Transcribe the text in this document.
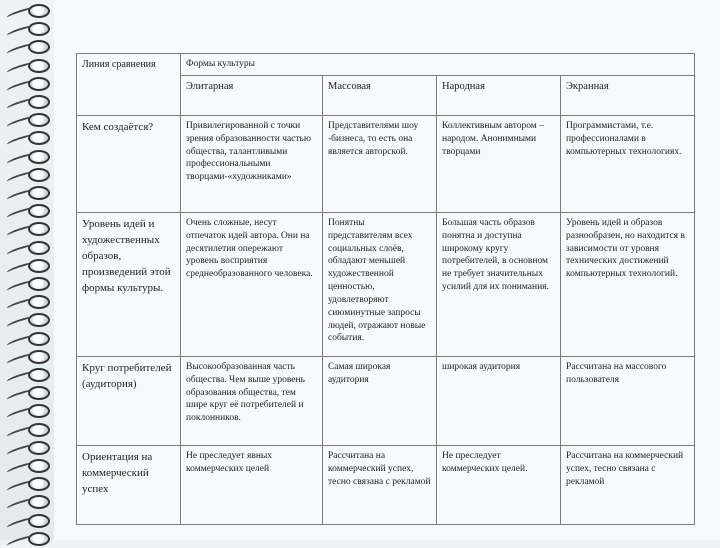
Линия сравнения	Формы культуры			
	Элитарная	Массовая	Народная	Экранная
Кем создаётся?	Привилегированной с точки зрения образованности частью общества, талантливыми профессиональными творцами-«художниками»	Представителями шоу -бизнеса, то есть она является авторской.	Коллективным автором – народом. Анонимными творцами	Программистами, т.е. профессионалами в компьютерных технологиях.
Уровень идей и художественных образов, произведений этой формы культуры.	Очень сложные, несут отпечаток идей автора. Они на десятилетия опережают уровень восприятия среднеобразованного человека.	Понятны представителям всех социальных слоёв, обладают меньшей художественной ценностью, удовлетворяют сиюминутные запросы людей, отражают новые события.	Большая часть образов понятна и доступна широкому кругу потребителей, в основном не требует значительных усилий для их понимания.	Уровень идей и образов разнообразен, но находится в зависимости от уровня технических достижений компьютерных технологий.
Круг потребителей (аудитория)	Высокообразованная часть общества. Чем выше уровень образования общества, тем шире круг её потребителей и поклонников.	Самая широкая аудитория	широкая аудитория	Рассчитана на массового пользователя
Ориентация на коммерческий успех	Не преследует явных коммерческих целей	Рассчитана на коммерческий успех, тесно связана с рекламой	Не преследует коммерческих целей.	Рассчитана на коммерческий успех, тесно связана с рекламой
